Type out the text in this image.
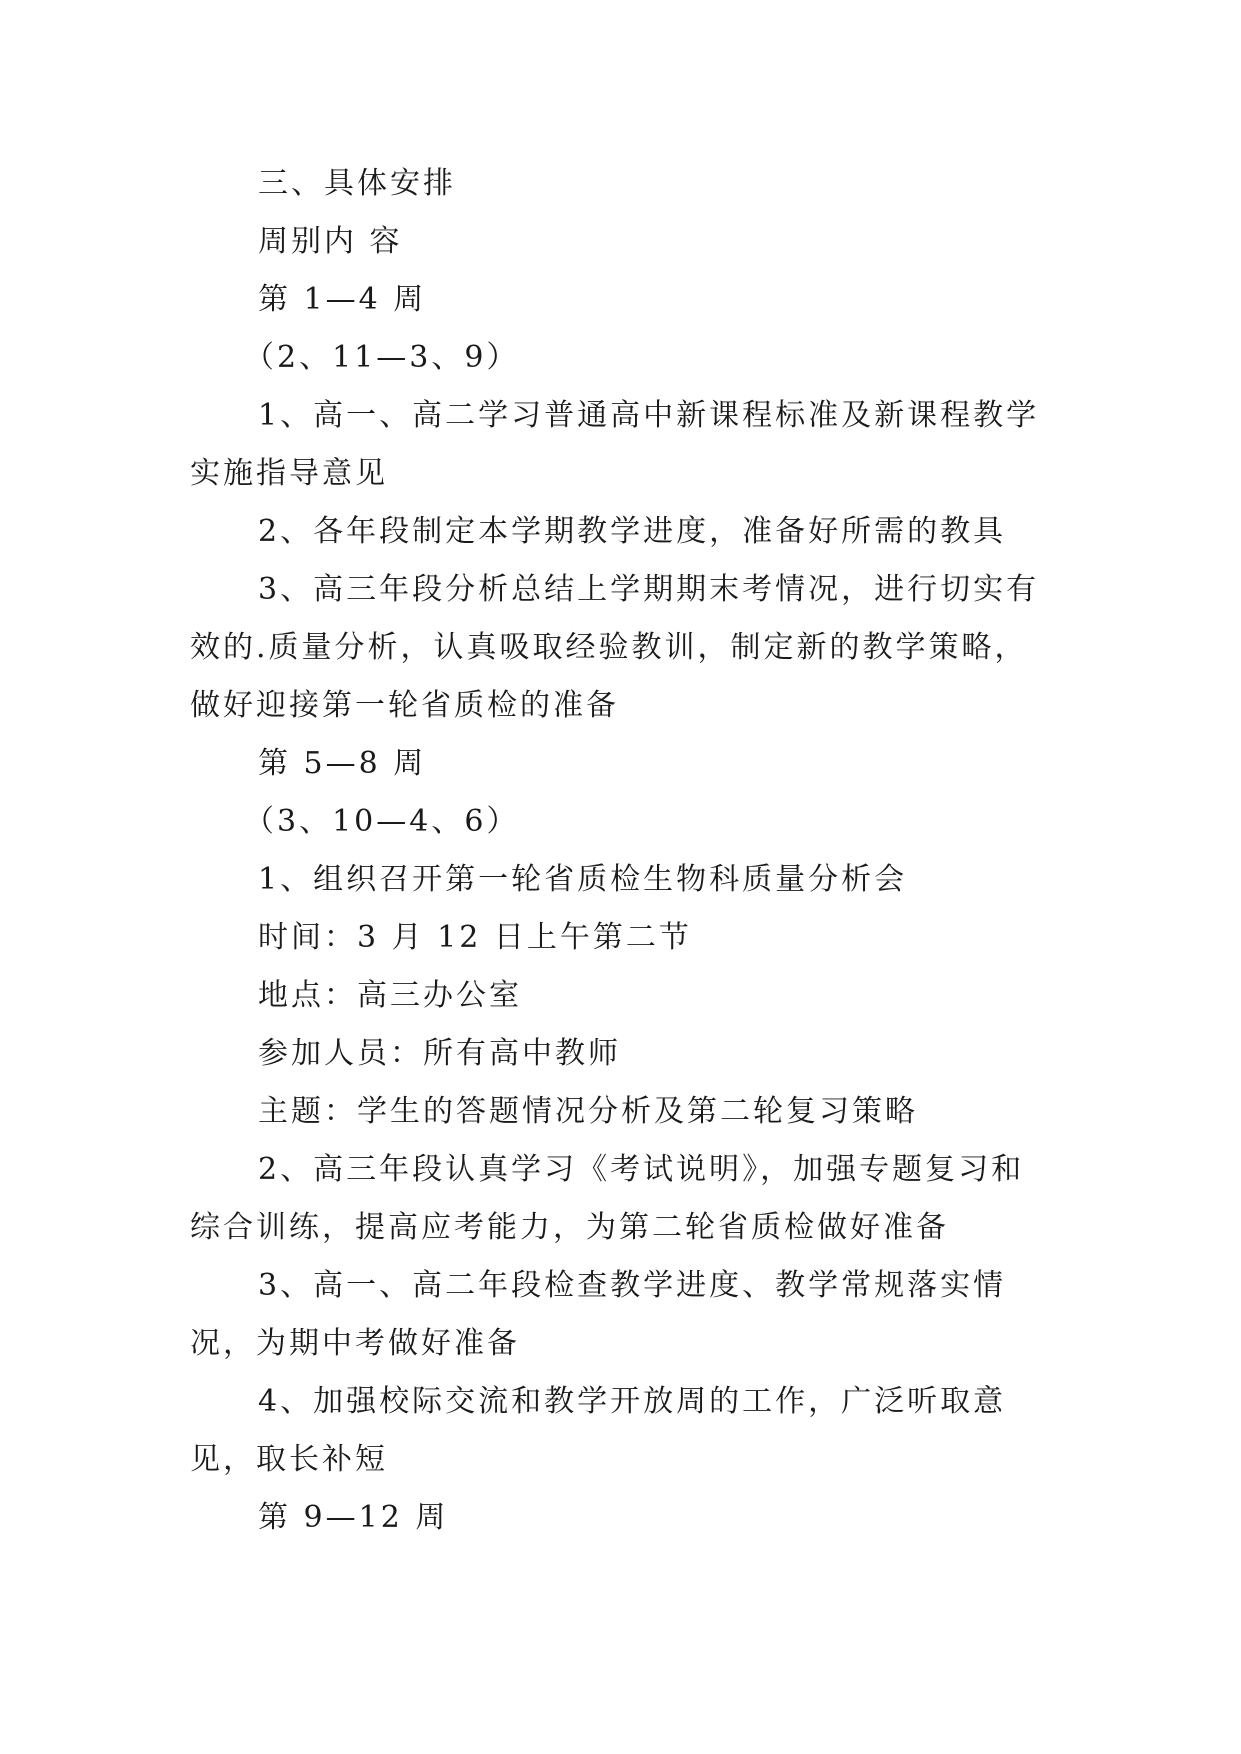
三、具体安排

周别内 容

第 1—4 周

（2、11—3、9）

1、高一、高二学习普通高中新课程标准及新课程教学实施指导意见

2、各年段制定本学期教学进度，准备好所需的教具

3、高三年段分析总结上学期期末考情况，进行切实有效的.质量分析，认真吸取经验教训，制定新的教学策略，做好迎接第一轮省质检的准备

第 5—8 周

（3、10—4、6）

1、组织召开第一轮省质检生物科质量分析会

时间：3 月 12 日上午第二节

地点：高三办公室

参加人员：所有高中教师

主题：学生的答题情况分析及第二轮复习策略

2、高三年段认真学习《考试说明》，加强专题复习和综合训练，提高应考能力，为第二轮省质检做好准备

3、高一、高二年段检查教学进度、教学常规落实情况，为期中考做好准备

4、加强校际交流和教学开放周的工作，广泛听取意见，取长补短

第 9—12 周
